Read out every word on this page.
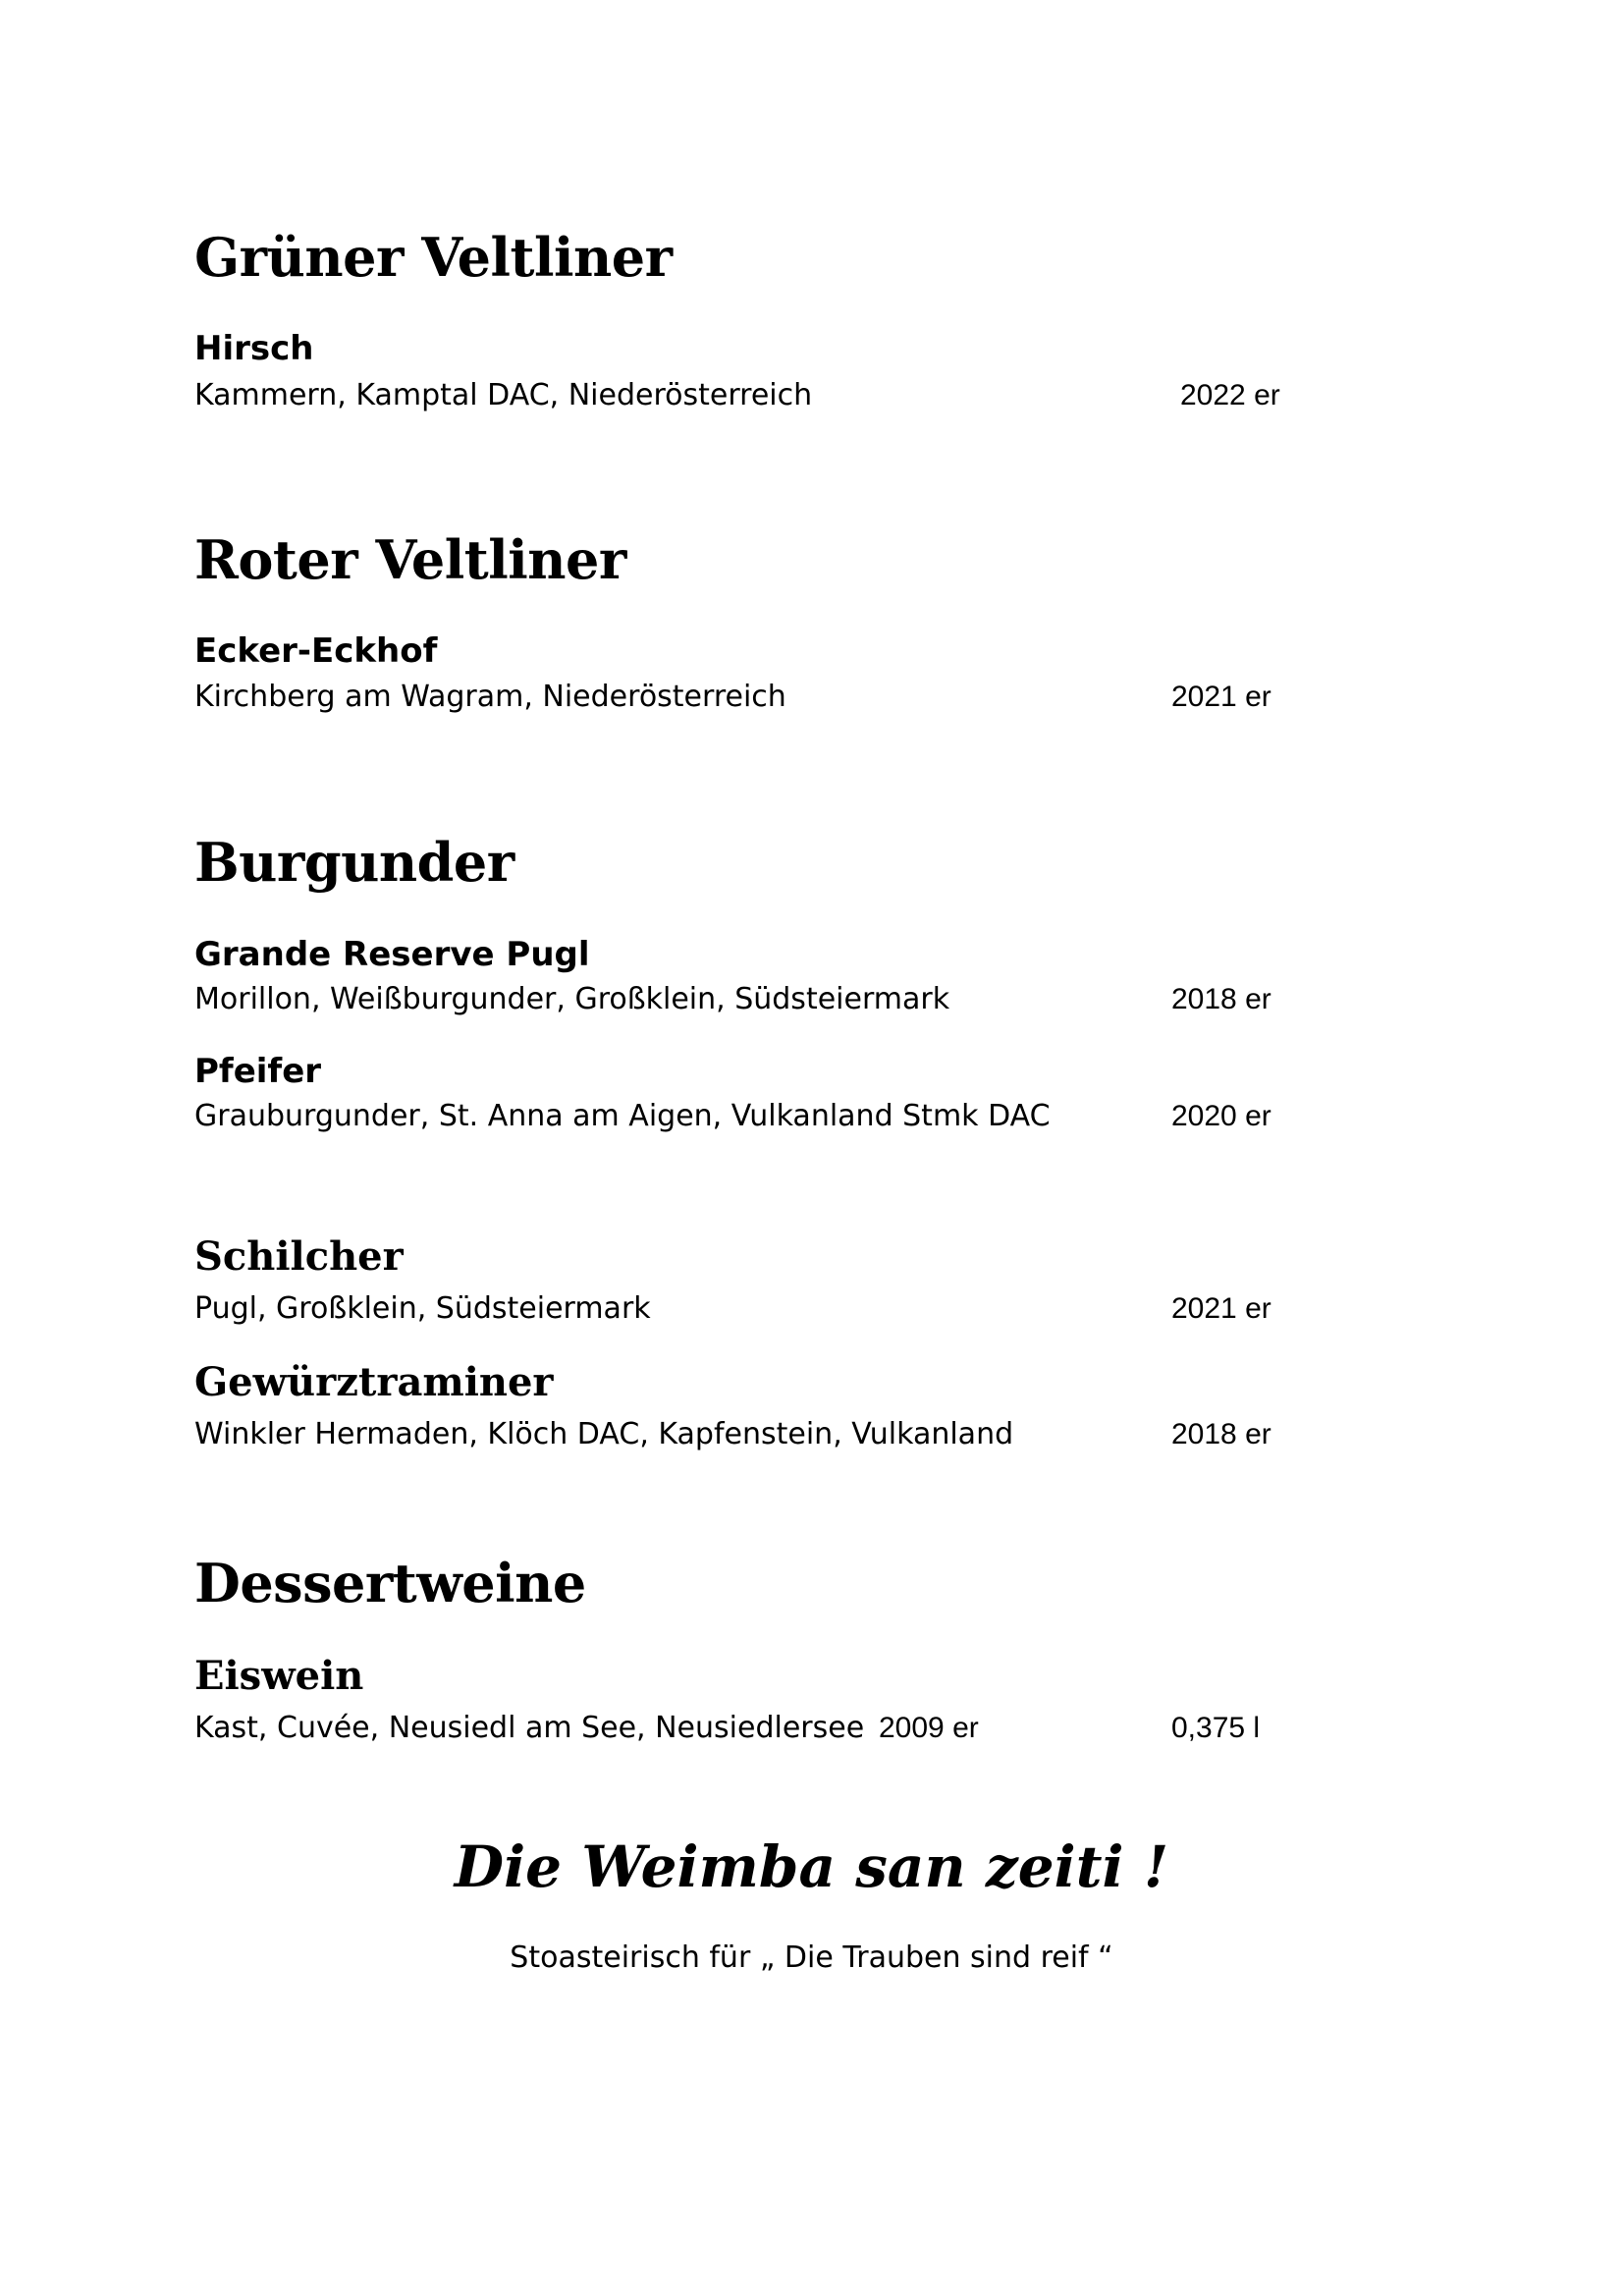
Grüner Veltliner
Hirsch
Kammern, Kamptal DAC, Niederösterreich	2022 er
Roter Veltliner
Ecker-Eckhof
Kirchberg am Wagram, Niederösterreich	2021 er
Burgunder
Grande Reserve Pugl
Morillon, Weißburgunder, Großklein, Südsteiermark	2018 er
Pfeifer
Grauburgunder, St. Anna am Aigen, Vulkanland Stmk DAC	2020 er
Schilcher
Pugl, Großklein, Südsteiermark	2021 er
Gewürztraminer
Winkler Hermaden, Klöch DAC, Kapfenstein, Vulkanland	2018 er
Dessertweine
Eiswein
Kast, Cuvée, Neusiedl am See, Neusiedlersee 2009 er	0,375 l
Die Weimba san zeiti !
Stoasteirisch für „ Die Trauben sind reif “
